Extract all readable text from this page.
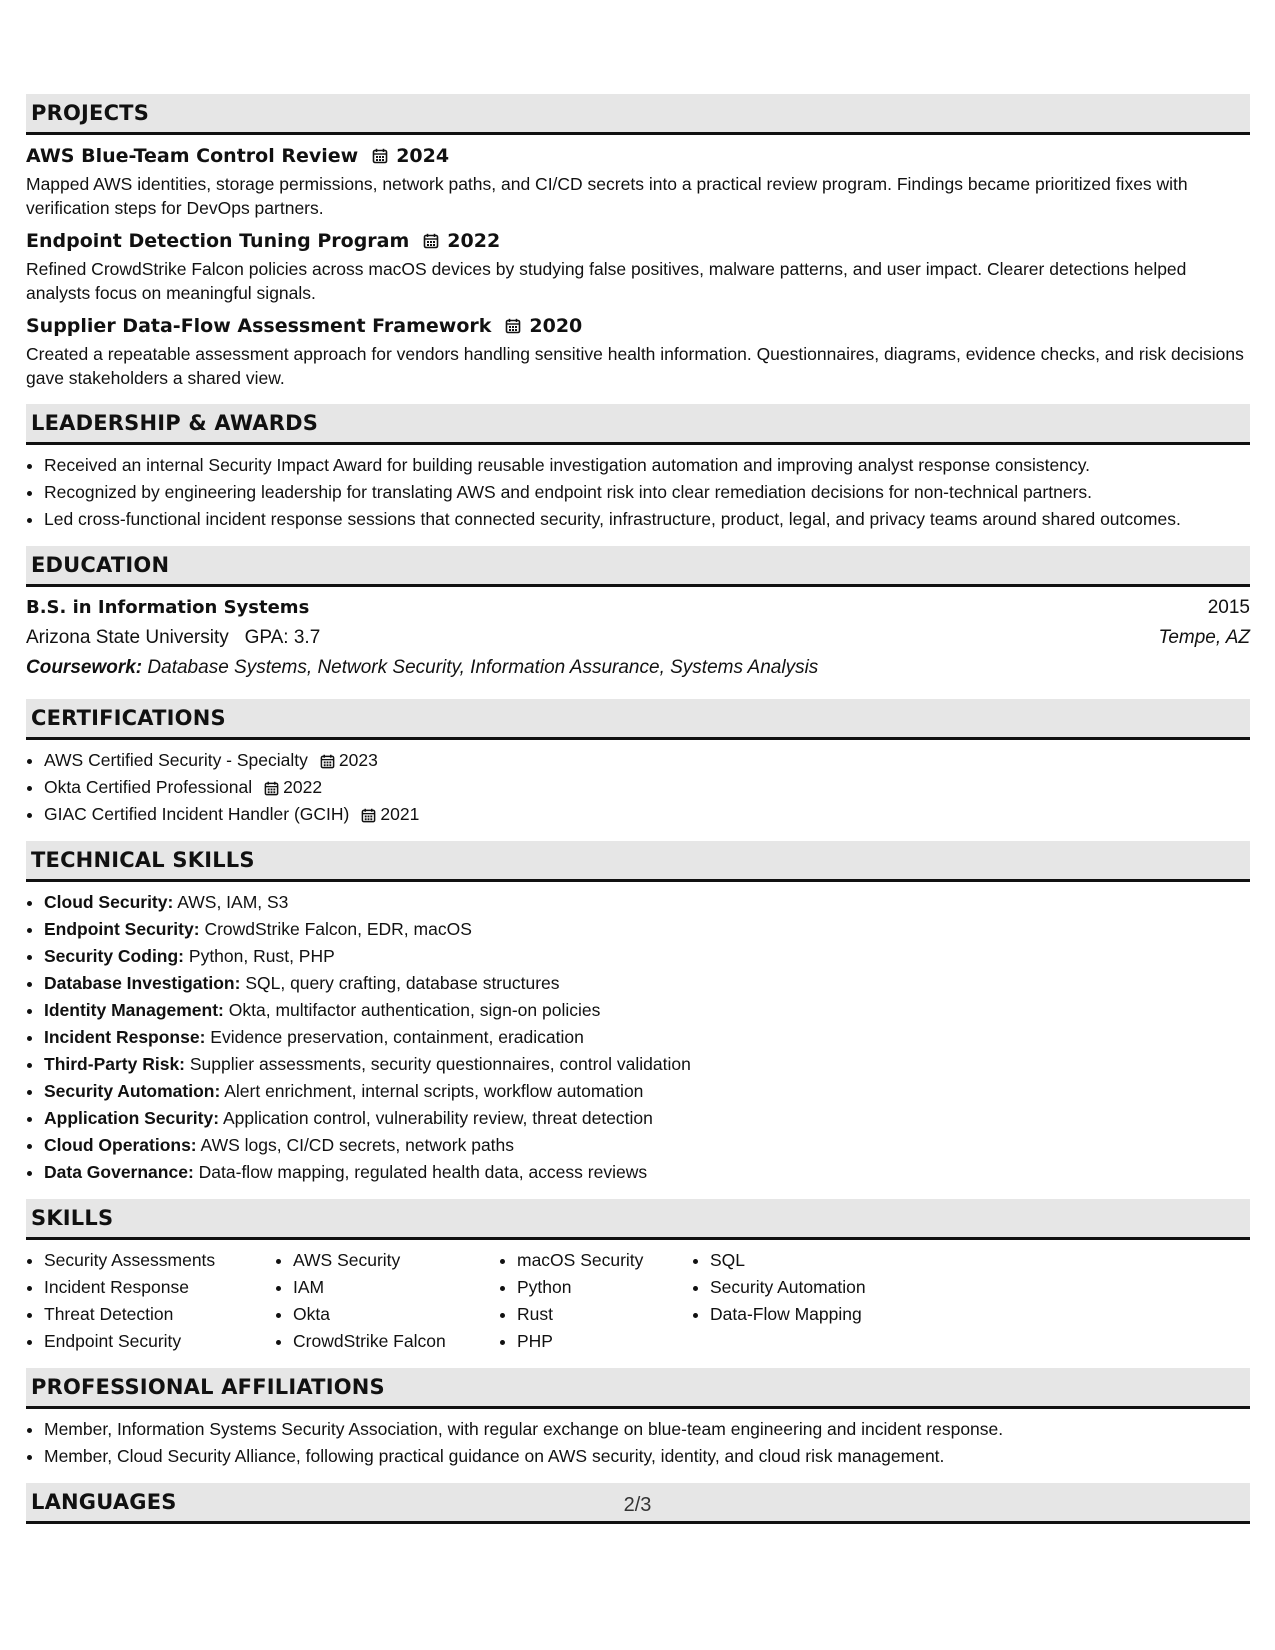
PROJECTS
AWS Blue-Team Control Review 2024
Mapped AWS identities, storage permissions, network paths, and CI/CD secrets into a practical review program. Findings became prioritized fixes with verification steps for DevOps partners.
Endpoint Detection Tuning Program 2022
Refined CrowdStrike Falcon policies across macOS devices by studying false positives, malware patterns, and user impact. Clearer detections helped analysts focus on meaningful signals.
Supplier Data-Flow Assessment Framework 2020
Created a repeatable assessment approach for vendors handling sensitive health information. Questionnaires, diagrams, evidence checks, and risk decisions gave stakeholders a shared view.
LEADERSHIP & AWARDS
• Received an internal Security Impact Award for building reusable investigation automation and improving analyst response consistency.
• Recognized by engineering leadership for translating AWS and endpoint risk into clear remediation decisions for non-technical partners.
• Led cross-functional incident response sessions that connected security, infrastructure, product, legal, and privacy teams around shared outcomes.
EDUCATION
B.S. in Information Systems	2015
Arizona State University GPA: 3.7	Tempe, AZ
Coursework: Database Systems, Network Security, Information Assurance, Systems Analysis
CERTIFICATIONS
• AWS Certified Security - Specialty 2023
• Okta Certified Professional 2022
• GIAC Certified Incident Handler (GCIH) 2021
TECHNICAL SKILLS
• Cloud Security: AWS, IAM, S3
• Endpoint Security: CrowdStrike Falcon, EDR, macOS
• Security Coding: Python, Rust, PHP
• Database Investigation: SQL, query crafting, database structures
• Identity Management: Okta, multifactor authentication, sign-on policies
• Incident Response: Evidence preservation, containment, eradication
• Third-Party Risk: Supplier assessments, security questionnaires, control validation
• Security Automation: Alert enrichment, internal scripts, workflow automation
• Application Security: Application control, vulnerability review, threat detection
• Cloud Operations: AWS logs, CI/CD secrets, network paths
• Data Governance: Data-flow mapping, regulated health data, access reviews
SKILLS
• Security Assessments
• Incident Response
• Threat Detection
• Endpoint Security
• AWS Security
• IAM
• Okta
• CrowdStrike Falcon
• macOS Security
• Python
• Rust
• PHP
• SQL
• Security Automation
• Data-Flow Mapping
PROFESSIONAL AFFILIATIONS
• Member, Information Systems Security Association, with regular exchange on blue-team engineering and incident response.
• Member, Cloud Security Alliance, following practical guidance on AWS security, identity, and cloud risk management.
LANGUAGES	2/3
